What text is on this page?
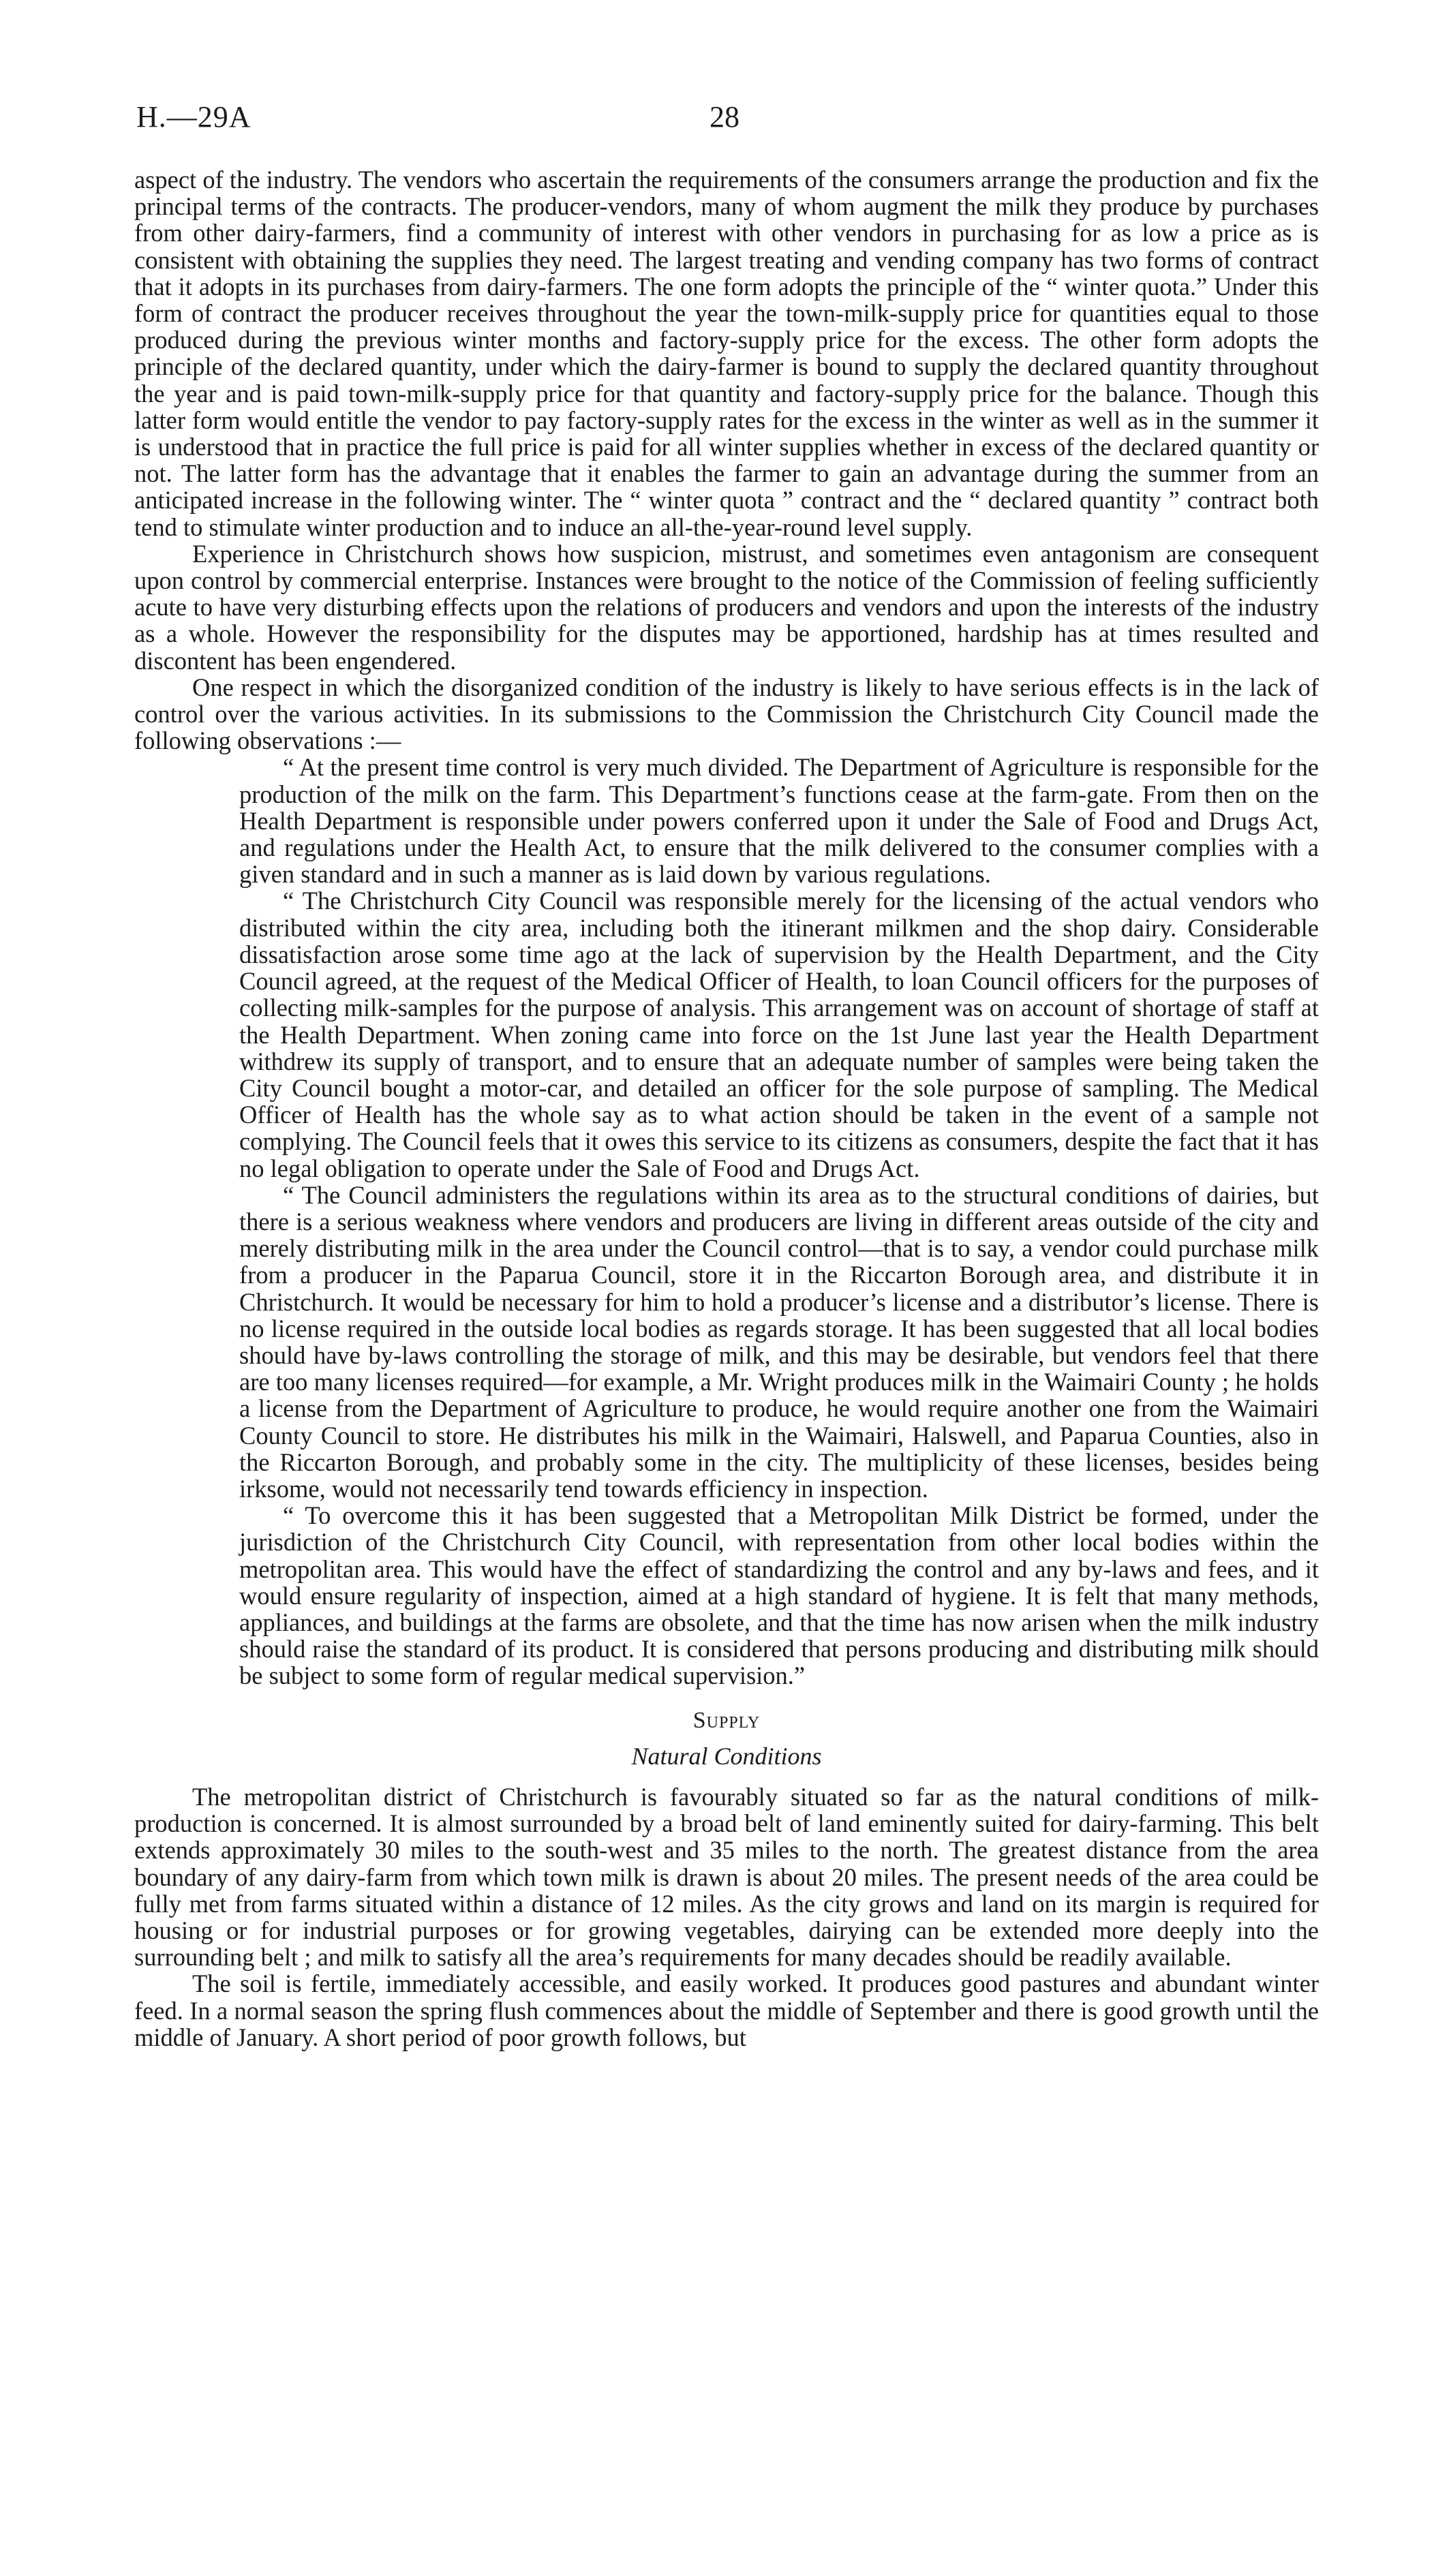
H.—29A	28

aspect of the industry. The vendors who ascertain the requirements of the consumers arrange the production and fix the principal terms of the contracts. The producer-vendors, many of whom augment the milk they produce by purchases from other dairy-farmers, find a community of interest with other vendors in purchasing for as low a price as is consistent with obtaining the supplies they need. The largest treating and vending company has two forms of contract that it adopts in its purchases from dairy-farmers. The one form adopts the principle of the “ winter quota.” Under this form of contract the producer receives throughout the year the town-milk-supply price for quantities equal to those produced during the previous winter months and factory-supply price for the excess. The other form adopts the principle of the declared quantity, under which the dairy-farmer is bound to supply the declared quantity throughout the year and is paid town-milk-supply price for that quantity and factory-supply price for the balance. Though this latter form would entitle the vendor to pay factory-supply rates for the excess in the winter as well as in the summer it is understood that in practice the full price is paid for all winter supplies whether in excess of the declared quantity or not. The latter form has the advantage that it enables the farmer to gain an advantage during the summer from an anticipated increase in the following winter. The “ winter quota ” contract and the “ declared quantity ” contract both tend to stimulate winter production and to induce an all-the-year-round level supply.

Experience in Christchurch shows how suspicion, mistrust, and sometimes even antagonism are consequent upon control by commercial enterprise. Instances were brought to the notice of the Commission of feeling sufficiently acute to have very disturbing effects upon the relations of producers and vendors and upon the interests of the industry as a whole. However the responsibility for the disputes may be apportioned, hardship has at times resulted and discontent has been engendered.

One respect in which the disorganized condition of the industry is likely to have serious effects is in the lack of control over the various activities. In its submissions to the Commission the Christchurch City Council made the following observations :—

“ At the present time control is very much divided. The Department of Agriculture is responsible for the production of the milk on the farm. This Department’s functions cease at the farm-gate. From then on the Health Department is responsible under powers conferred upon it under the Sale of Food and Drugs Act, and regulations under the Health Act, to ensure that the milk delivered to the consumer complies with a given standard and in such a manner as is laid down by various regulations.

“ The Christchurch City Council was responsible merely for the licensing of the actual vendors who distributed within the city area, including both the itinerant milkmen and the shop dairy. Considerable dissatisfaction arose some time ago at the lack of supervision by the Health Department, and the City Council agreed, at the request of the Medical Officer of Health, to loan Council officers for the purposes of collecting milk-samples for the purpose of analysis. This arrangement was on account of shortage of staff at the Health Department. When zoning came into force on the 1st June last year the Health Department withdrew its supply of transport, and to ensure that an adequate number of samples were being taken the City Council bought a motor-car, and detailed an officer for the sole purpose of sampling. The Medical Officer of Health has the whole say as to what action should be taken in the event of a sample not complying. The Council feels that it owes this service to its citizens as consumers, despite the fact that it has no legal obligation to operate under the Sale of Food and Drugs Act.

“ The Council administers the regulations within its area as to the structural conditions of dairies, but there is a serious weakness where vendors and producers are living in different areas outside of the city and merely distributing milk in the area under the Council control—that is to say, a vendor could purchase milk from a producer in the Paparua Council, store it in the Riccarton Borough area, and distribute it in Christchurch. It would be necessary for him to hold a producer’s license and a distributor’s license. There is no license required in the outside local bodies as regards storage. It has been suggested that all local bodies should have by-laws controlling the storage of milk, and this may be desirable, but vendors feel that there are too many licenses required—for example, a Mr. Wright produces milk in the Waimairi County ; he holds a license from the Department of Agriculture to produce, he would require another one from the Waimairi County Council to store. He distributes his milk in the Waimairi, Halswell, and Paparua Counties, also in the Riccarton Borough, and probably some in the city. The multiplicity of these licenses, besides being irksome, would not necessarily tend towards efficiency in inspection.

“ To overcome this it has been suggested that a Metropolitan Milk District be formed, under the jurisdiction of the Christchurch City Council, with representation from other local bodies within the metropolitan area. This would have the effect of standardizing the control and any by-laws and fees, and it would ensure regularity of inspection, aimed at a high standard of hygiene. It is felt that many methods, appliances, and buildings at the farms are obsolete, and that the time has now arisen when the milk industry should raise the standard of its product. It is considered that persons producing and distributing milk should be subject to some form of regular medical supervision.”

Supply
Natural Conditions

The metropolitan district of Christchurch is favourably situated so far as the natural conditions of milk-production is concerned. It is almost surrounded by a broad belt of land eminently suited for dairy-farming. This belt extends approximately 30 miles to the south-west and 35 miles to the north. The greatest distance from the area boundary of any dairy-farm from which town milk is drawn is about 20 miles. The present needs of the area could be fully met from farms situated within a distance of 12 miles. As the city grows and land on its margin is required for housing or for industrial purposes or for growing vegetables, dairying can be extended more deeply into the surrounding belt ; and milk to satisfy all the area’s requirements for many decades should be readily available.

The soil is fertile, immediately accessible, and easily worked. It produces good pastures and abundant winter feed. In a normal season the spring flush commences about the middle of September and there is good growth until the middle of January. A short period of poor growth follows, but
